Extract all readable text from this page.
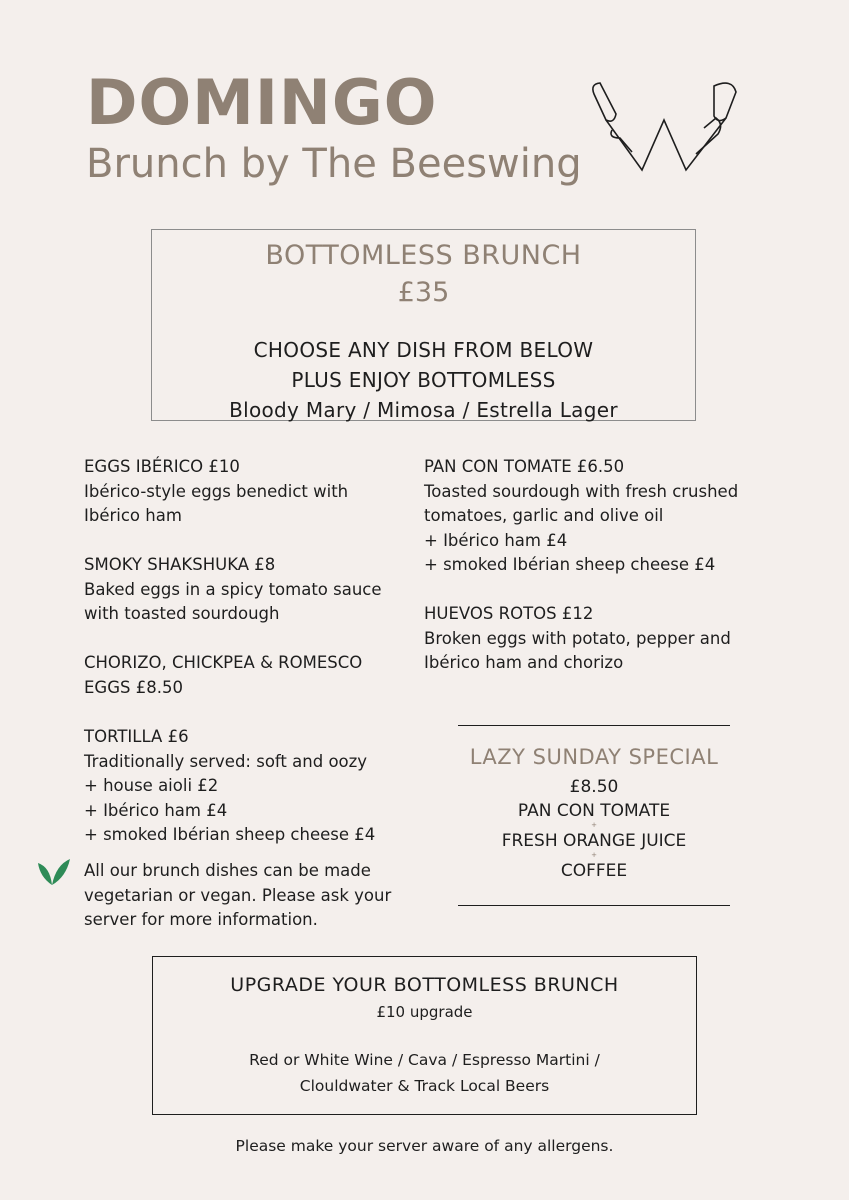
DOMINGO
Brunch by The Beeswing
BOTTOMLESS BRUNCH
£35
CHOOSE ANY DISH FROM BELOW
PLUS ENJOY BOTTOMLESS
Bloody Mary / Mimosa / Estrella Lager
EGGS IBÉRICO £10
Ibérico-style eggs benedict with
Ibérico ham
SMOKY SHAKSHUKA £8
Baked eggs in a spicy tomato sauce
with toasted sourdough
CHORIZO, CHICKPEA & ROMESCO
EGGS £8.50
TORTILLA £6
Traditionally served: soft and oozy
+ house aioli £2
+ Ibérico ham £4
+ smoked Ibérian sheep cheese £4
All our brunch dishes can be made
vegetarian or vegan. Please ask your
server for more information.
PAN CON TOMATE £6.50
Toasted sourdough with fresh crushed
tomatoes, garlic and olive oil
+ Ibérico ham £4
+ smoked Ibérian sheep cheese £4
HUEVOS ROTOS £12
Broken eggs with potato, pepper and
Ibérico ham and chorizo
LAZY SUNDAY SPECIAL
£8.50
PAN CON TOMATE
+
FRESH ORANGE JUICE
+
COFFEE
UPGRADE YOUR BOTTOMLESS BRUNCH
£10 upgrade
Red or White Wine / Cava / Espresso Martini /
Clouldwater & Track Local Beers
Please make your server aware of any allergens.
